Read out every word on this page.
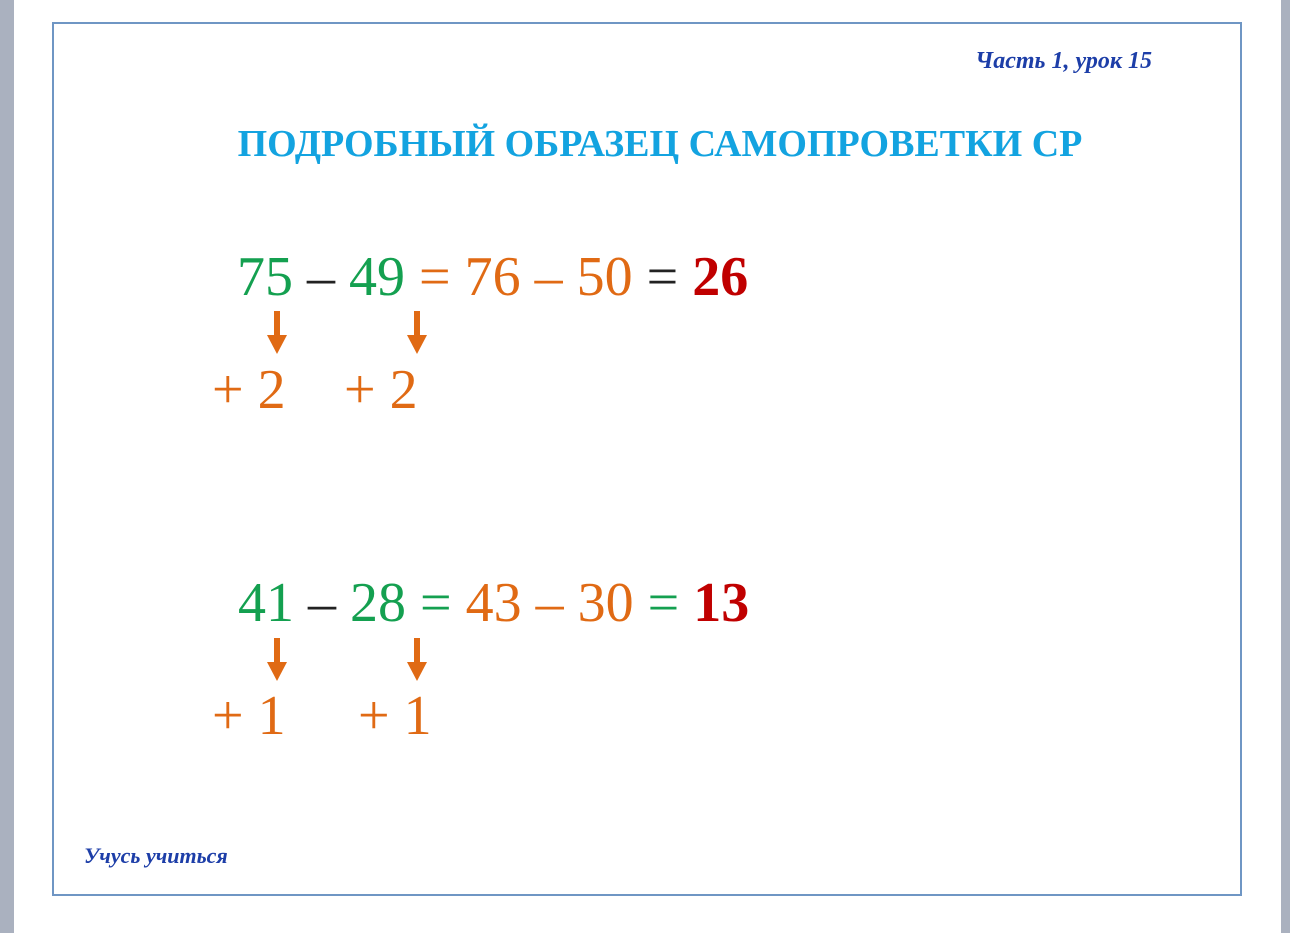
Часть 1, урок 15
ПОДРОБНЫЙ ОБРАЗЕЦ САМОПРОВЕТКИ СР
75 – 49 = 76 – 50 = 26
+ 2 + 2
41 – 28 = 43 – 30 = 13
+ 1 + 1
Учусь учиться
